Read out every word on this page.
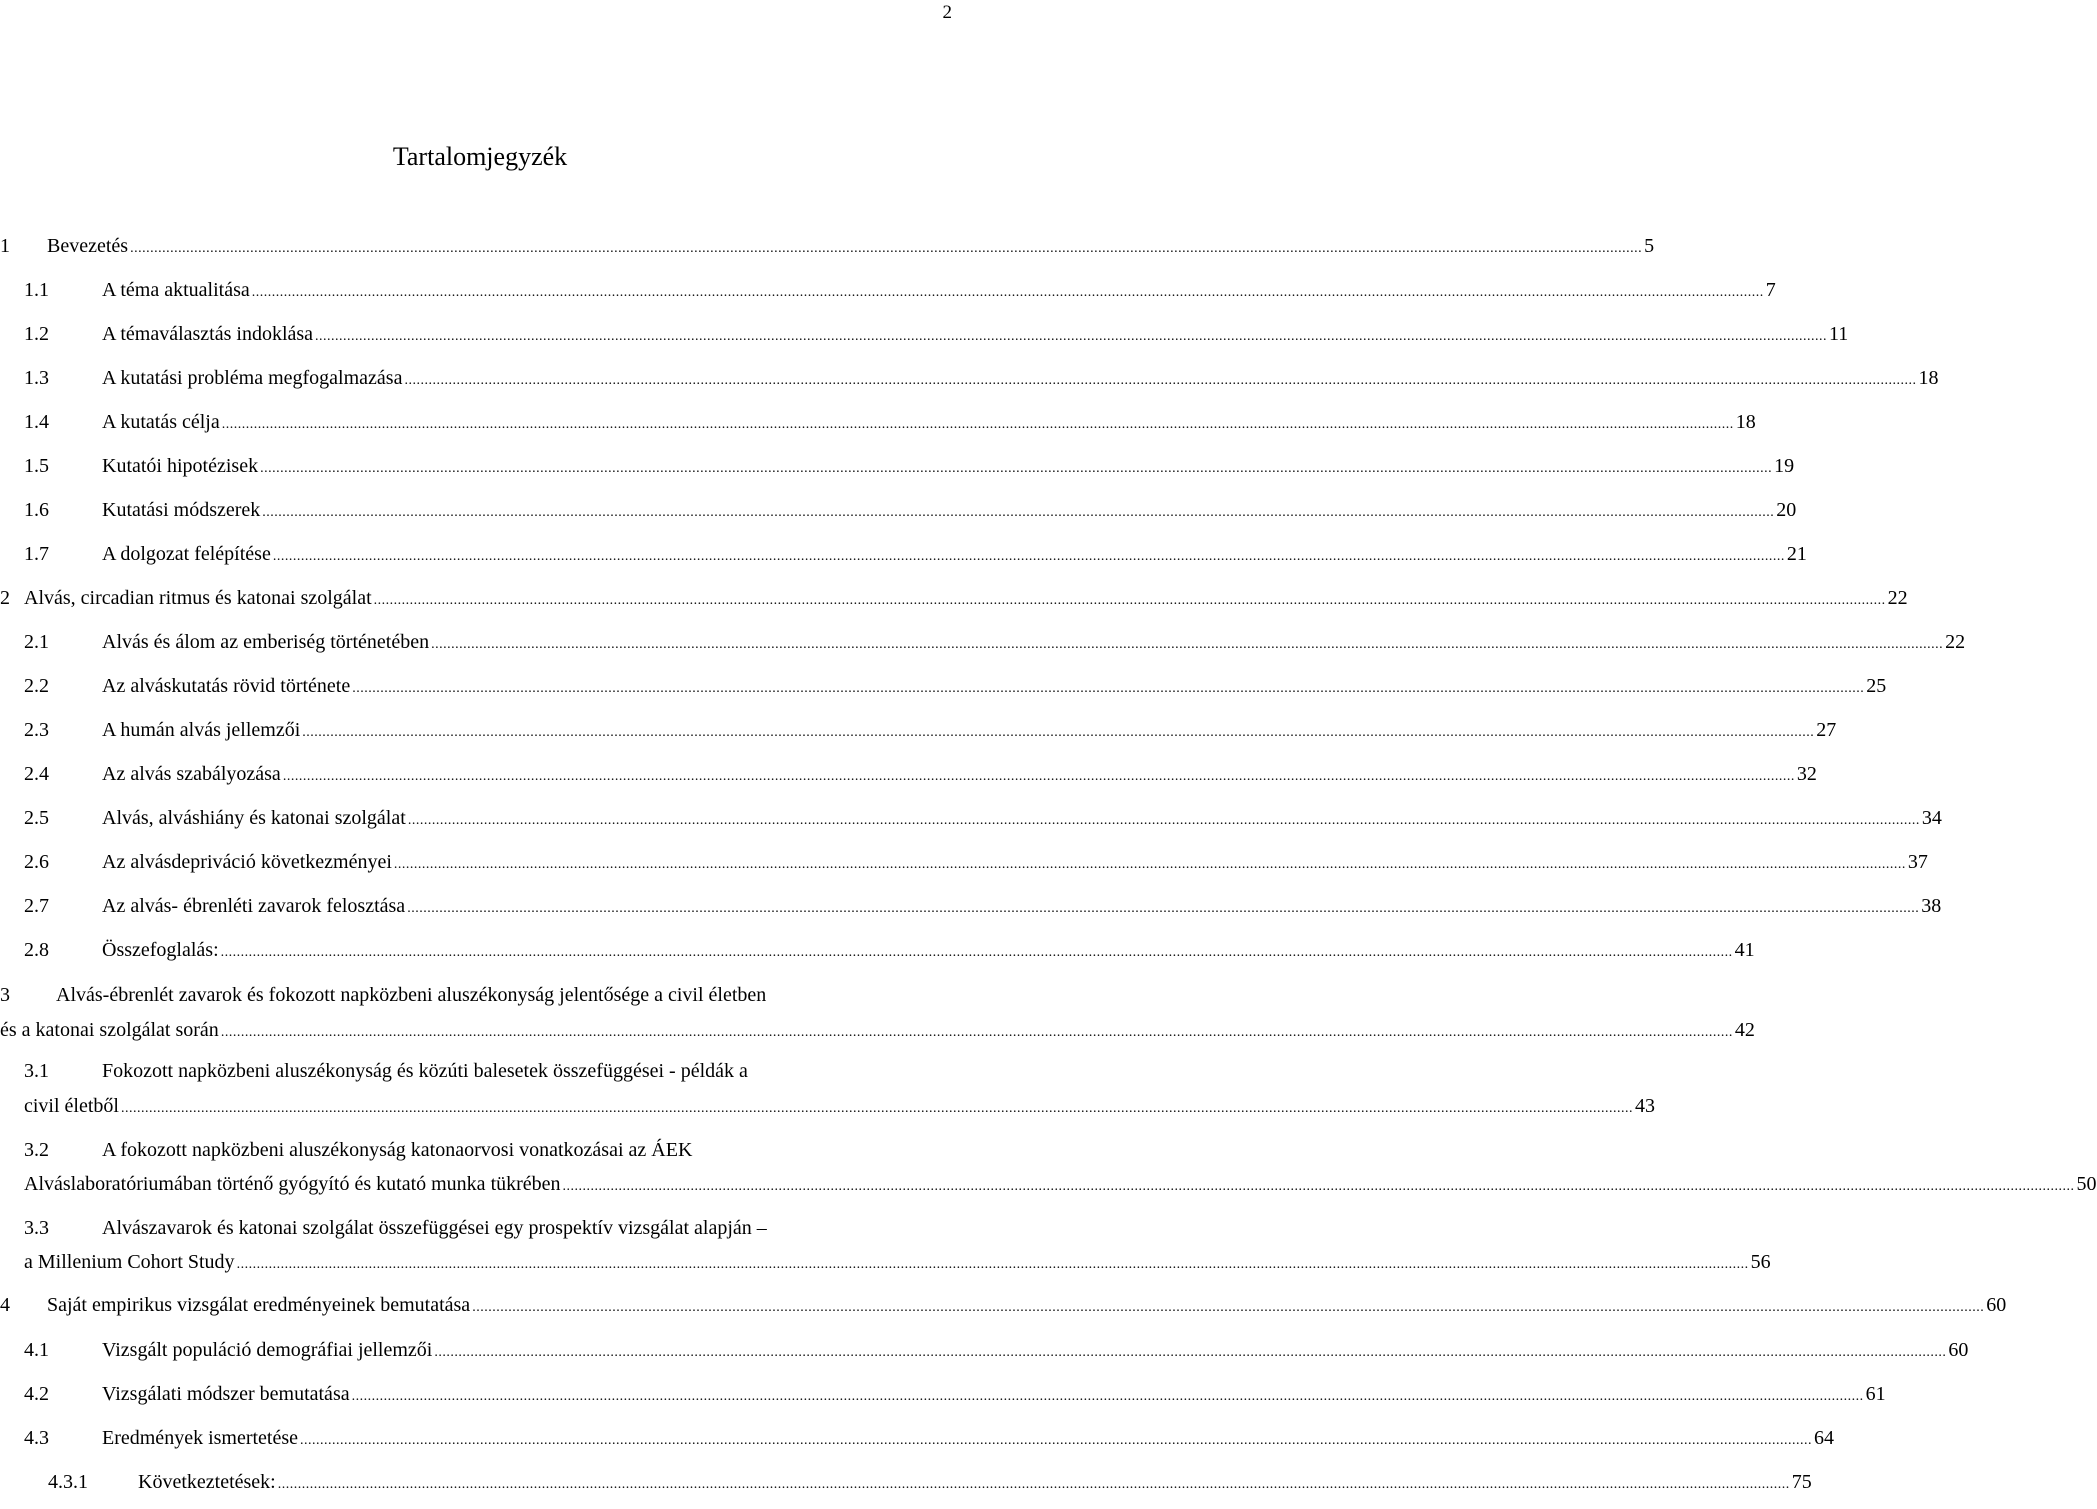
2
Tartalomjegyzék
1	Bevezetés .......................................................................................................................................................................................................................................................................................................................................................................................... 5
1.1	A téma aktualitása .......................................................................................................................................................................................................................................................................................................................................................................................... 7
1.2	A témaválasztás indoklása .......................................................................................................................................................................................................................................................................................................................................................................................... 11
1.3	A kutatási probléma megfogalmazása .......................................................................................................................................................................................................................................................................................................................................................................................... 18
1.4	A kutatás célja .......................................................................................................................................................................................................................................................................................................................................................................................... 18
1.5	Kutatói hipotézisek .......................................................................................................................................................................................................................................................................................................................................................................................... 19
1.6	Kutatási módszerek .......................................................................................................................................................................................................................................................................................................................................................................................... 20
1.7	A dolgozat felépítése .......................................................................................................................................................................................................................................................................................................................................................................................... 21
2 Alvás, circadian ritmus és katonai szolgálat .......................................................................................................................................................................................................................................................................................................................................................................................... 22
2.1	Alvás és álom az emberiség történetében .......................................................................................................................................................................................................................................................................................................................................................................................... 22
2.2	Az alváskutatás rövid története .......................................................................................................................................................................................................................................................................................................................................................................................... 25
2.3	A humán alvás jellemzői .......................................................................................................................................................................................................................................................................................................................................................................................... 27
2.4	Az alvás szabályozása .......................................................................................................................................................................................................................................................................................................................................................................................... 32
2.5	Alvás, alváshiány és katonai szolgálat .......................................................................................................................................................................................................................................................................................................................................................................................... 34
2.6	Az alvásdepriváció következményei .......................................................................................................................................................................................................................................................................................................................................................................................... 37
2.7	Az alvás- ébrenléti zavarok felosztása .......................................................................................................................................................................................................................................................................................................................................................................................... 38
2.8	Összefoglalás: .......................................................................................................................................................................................................................................................................................................................................................................................... 41
3	Alvás-ébrenlét zavarok és fokozott napközbeni aluszékonyság jelentősége a civil életben
és a katonai szolgálat során .......................................................................................................................................................................................................................................................................................................................................................................................... 42
3.1	Fokozott napközbeni aluszékonyság és közúti balesetek összefüggései - példák a
civil életből .......................................................................................................................................................................................................................................................................................................................................................................................... 43
3.2	A fokozott napközbeni aluszékonyság katonaorvosi vonatkozásai az ÁEK
Alváslaboratóriumában történő gyógyító és kutató munka tükrében .......................................................................................................................................................................................................................................................................................................................................................................................... 50
3.3	Alvászavarok és katonai szolgálat összefüggései egy prospektív vizsgálat alapján –
a Millenium Cohort Study .......................................................................................................................................................................................................................................................................................................................................................................................... 56
4	Saját empirikus vizsgálat eredményeinek bemutatása .......................................................................................................................................................................................................................................................................................................................................................................................... 60
4.1	Vizsgált populáció demográfiai jellemzői .......................................................................................................................................................................................................................................................................................................................................................................................... 60
4.2	Vizsgálati módszer bemutatása .......................................................................................................................................................................................................................................................................................................................................................................................... 61
4.3	Eredmények ismertetése .......................................................................................................................................................................................................................................................................................................................................................................................... 64
4.3.1	Következtetések: .......................................................................................................................................................................................................................................................................................................................................................................................... 75
